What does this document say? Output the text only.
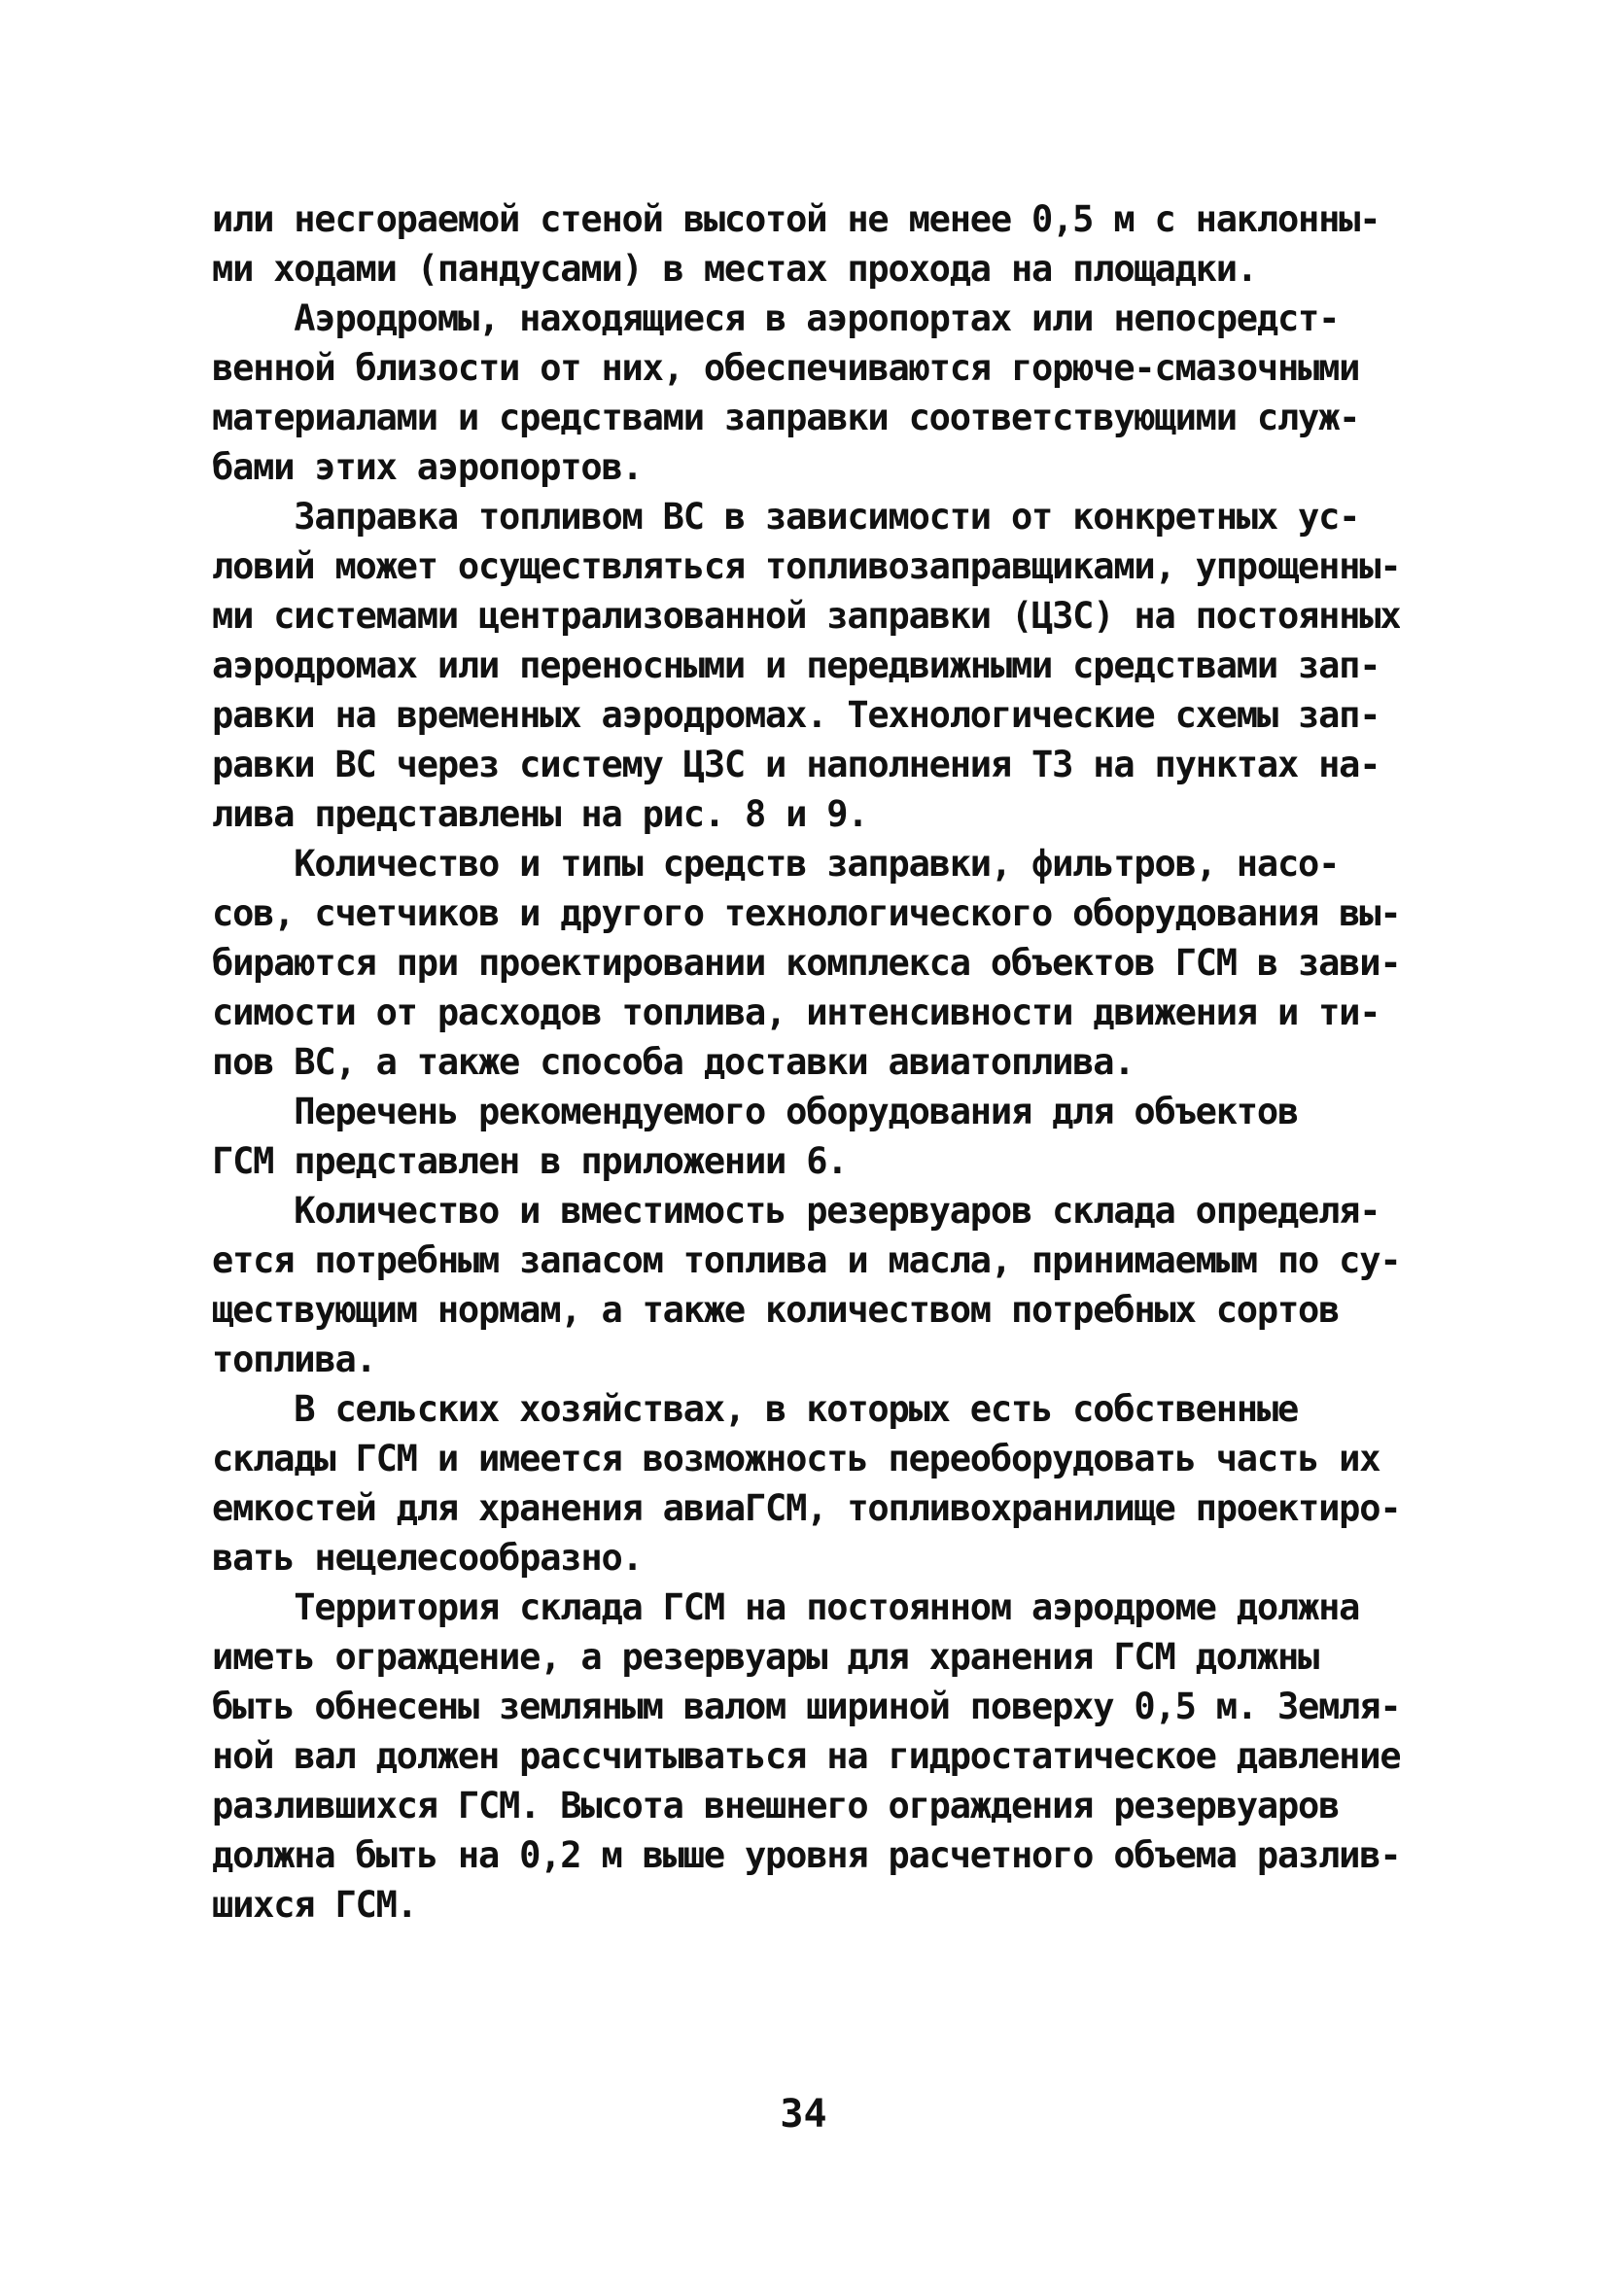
или несгораемой стеной высотой не менее 0,5 м с наклонны-
ми ходами (пандусами) в местах прохода на площадки.
Аэродромы, находящиеся в аэропортах или непосредст-
венной близости от них, обеспечиваются горюче-смазочными
материалами и средствами заправки соответствующими служ-
бами этих аэропортов.
Заправка топливом ВС в зависимости от конкретных ус-
ловий может осуществляться топливозаправщиками, упрощенны-
ми системами централизованной заправки (ЦЗС) на постоянных
аэродромах или переносными и передвижными средствами зап-
равки на временных аэродромах. Технологические схемы зап-
равки ВС через систему ЦЗС и наполнения ТЗ на пунктах на-
лива представлены на рис. 8 и 9.
Количество и типы средств заправки, фильтров, насо-
сов, счетчиков и другого технологического оборудования вы-
бираются при проектировании комплекса объектов ГСМ в зави-
симости от расходов топлива, интенсивности движения и ти-
пов ВС, а также способа доставки авиатоплива.
Перечень рекомендуемого оборудования для объектов
ГСМ представлен в приложении 6.
Количество и вместимость резервуаров склада определя-
ется потребным запасом топлива и масла, принимаемым по су-
ществующим нормам, а также количеством потребных сортов
топлива.
В сельских хозяйствах, в которых есть собственные
склады ГСМ и имеется возможность переоборудовать часть их
емкостей для хранения авиаГСМ, топливохранилище проектиро-
вать нецелесообразно.
Территория склада ГСМ на постоянном аэродроме должна
иметь ограждение, а резервуары для хранения ГСМ должны
быть обнесены земляным валом шириной поверху 0,5 м. Земля-
ной вал должен рассчитываться на гидростатическое давление
разлившихся ГСМ. Высота внешнего ограждения резервуаров
должна быть на 0,2 м выше уровня расчетного объема разлив-
шихся ГСМ.
34
